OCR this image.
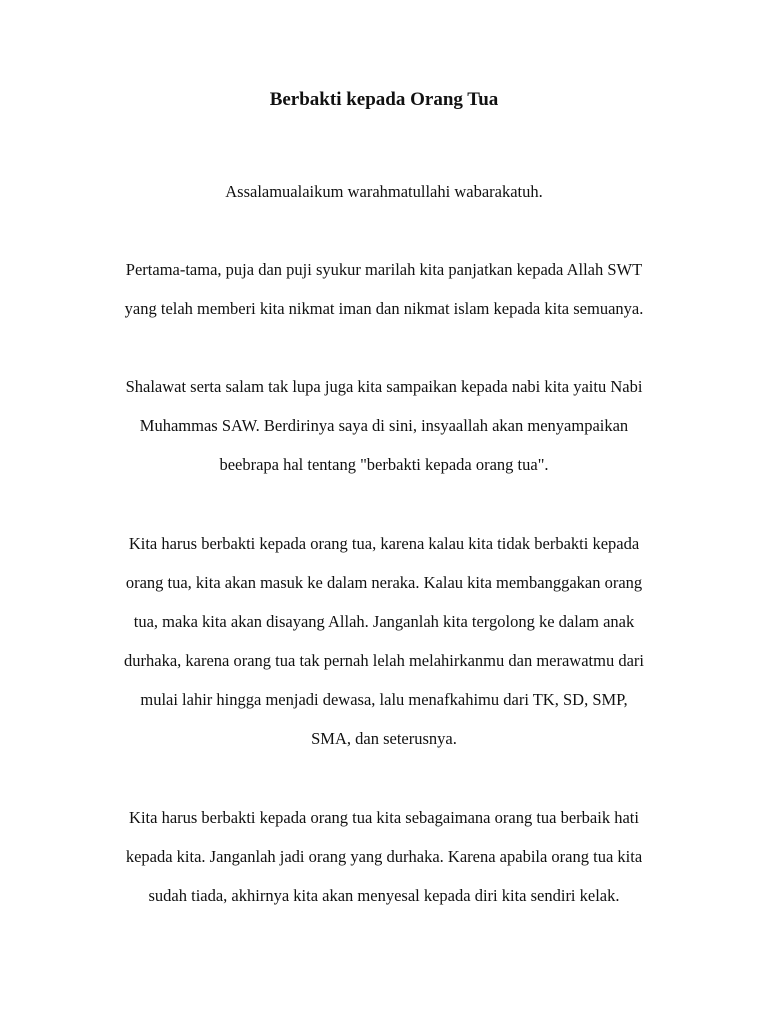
Berbakti kepada Orang Tua

Assalamualaikum warahmatullahi wabarakatuh.

Pertama-tama, puja dan puji syukur marilah kita panjatkan kepada Allah SWT
yang telah memberi kita nikmat iman dan nikmat islam kepada kita semuanya.

Shalawat serta salam tak lupa juga kita sampaikan kepada nabi kita yaitu Nabi
Muhammas SAW. Berdirinya saya di sini, insyaallah akan menyampaikan
beebrapa hal tentang "berbakti kepada orang tua".

Kita harus berbakti kepada orang tua, karena kalau kita tidak berbakti kepada
orang tua, kita akan masuk ke dalam neraka. Kalau kita membanggakan orang
tua, maka kita akan disayang Allah. Janganlah kita tergolong ke dalam anak
durhaka, karena orang tua tak pernah lelah melahirkanmu dan merawatmu dari
mulai lahir hingga menjadi dewasa, lalu menafkahimu dari TK, SD, SMP,
SMA, dan seterusnya.

Kita harus berbakti kepada orang tua kita sebagaimana orang tua berbaik hati
kepada kita. Janganlah jadi orang yang durhaka. Karena apabila orang tua kita
sudah tiada, akhirnya kita akan menyesal kepada diri kita sendiri kelak.
